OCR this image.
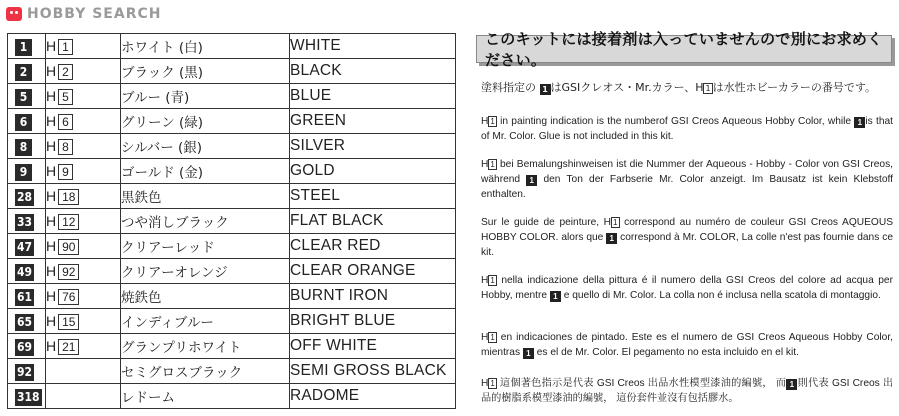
HOBBY SEARCH
1	H 1	ホワイト (白)	WHITE
2	H 2	ブラック (黒)	BLACK
5	H 5	ブルー (青)	BLUE
6	H 6	グリーン (緑)	GREEN
8	H 8	シルバー (銀)	SILVER
9	H 9	ゴールド (金)	GOLD
28	H 18	黒鉄色	STEEL
33	H 12	つや消しブラック	FLAT BLACK
47	H 90	クリアーレッド	CLEAR RED
49	H 92	クリアーオレンジ	CLEAR ORANGE
61	H 76	焼鉄色	BURNT IRON
65	H 15	インディブルー	BRIGHT BLUE
69	H 21	グランプリホワイト	OFF WHITE
92		セミグロスブラック	SEMI GROSS BLACK
318		レドーム	RADOME
このキットには接着剤は入っていませんので別にお求めください。
塗料指定の 1 はGSIクレオス・Mr.カラー、H 1 は水性ホビーカラーの番号です。
H 1 in painting indication is the numberof GSI Creos Aqueous Hobby Color, while 1 is that of Mr. Color. Glue is not included in this kit.
H 1 bei Bemalungshinweisen ist die Nummer der Aqueous - Hobby - Color von GSI Creos, während 1 den Ton der Farbserie Mr. Color anzeigt. Im Bausatz ist kein Klebstoff enthalten.
Sur le guide de peinture, H 1 correspond au numéro de couleur GSI Creos AQUEOUS HOBBY COLOR. alors que 1 correspond à Mr. COLOR, La colle n'est pas fournie dans ce kit.
H 1 nella indicazione della pittura é il numero della GSI Creos del colore ad acqua per Hobby, mentre 1 e quello di Mr. Color. La colla non é inclusa nella scatola di montaggio.
H 1 en indicaciones de pintado. Este es el numero de GSI Creos Aqueous Hobby Color, mientras 1 es el de Mr. Color. El pegamento no esta incluido en el kit.
H 1 這個著色指示是代表 GSI Creos 出品水性模型漆油的編號， 而 1 則代表 GSI Creos 出品的樹脂系模型漆油的編號， 這份套件並沒有包括膠水。
